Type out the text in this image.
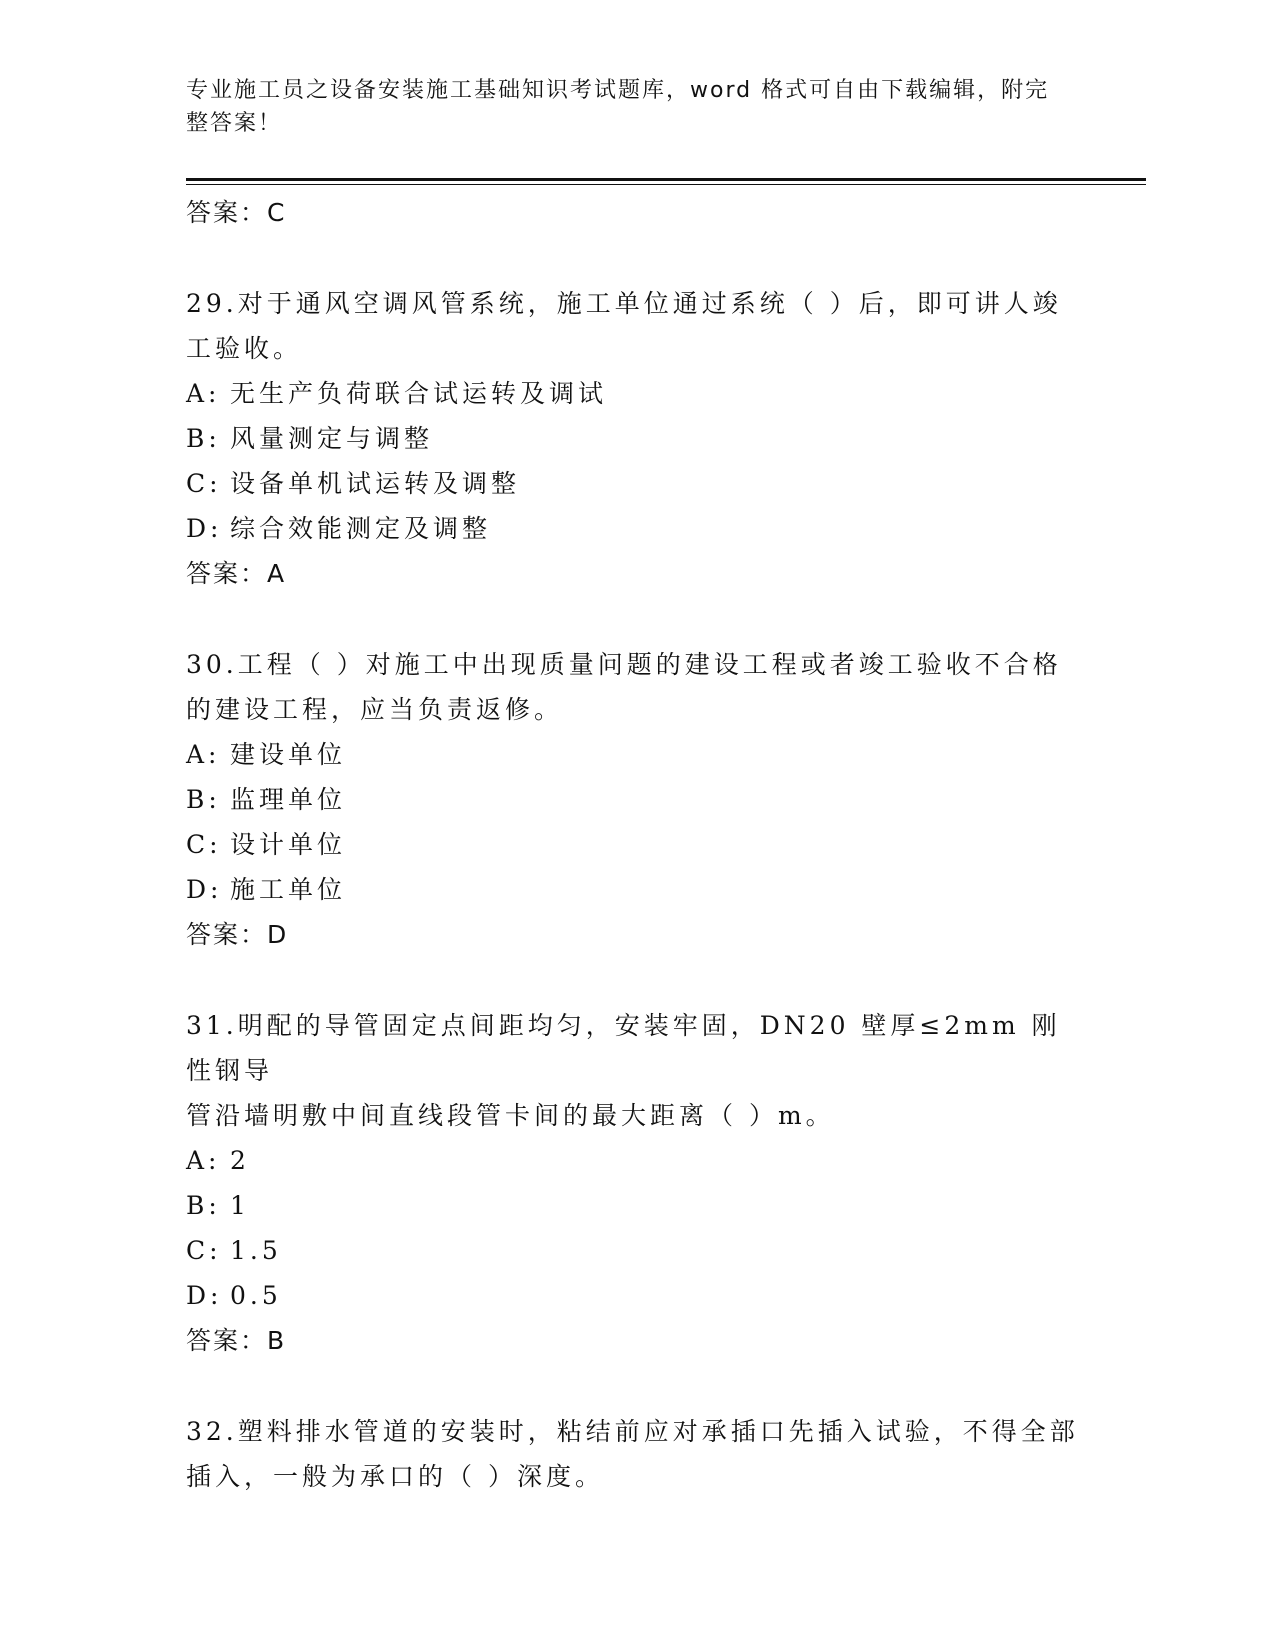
专业施工员之设备安装施工基础知识考试题库，word 格式可自由下载编辑，附完
整答案！

答案：C

29.对于通风空调风管系统，施工单位通过系统（ ）后，即可讲人竣

工验收。

A: 无生产负荷联合试运转及调试

B: 风量测定与调整

C: 设备单机试运转及调整

D: 综合效能测定及调整

答案：A

30.工程（ ）对施工中出现质量问题的建设工程或者竣工验收不合格

的建设工程，应当负责返修。

A: 建设单位

B: 监理单位

C: 设计单位

D: 施工单位

答案：D

31.明配的导管固定点间距均匀，安装牢固，DN20 壁厚≤2mm 刚性钢导

管沿墙明敷中间直线段管卡间的最大距离（ ）m。

A: 2

B: 1

C: 1.5

D: 0.5

答案：B

32.塑料排水管道的安装时，粘结前应对承插口先插入试验，不得全部

插入，一般为承口的（ ）深度。
